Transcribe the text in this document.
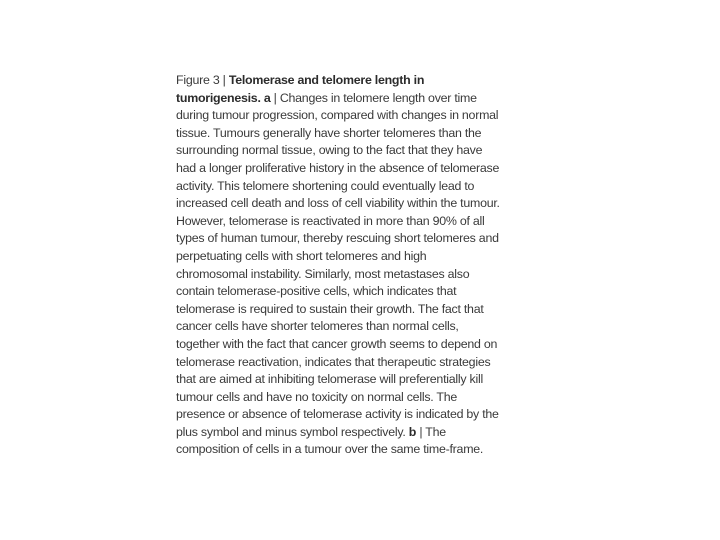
Figure 3 | Telomerase and telomere length in
tumorigenesis. a | Changes in telomere length over time
during tumour progression, compared with changes in normal
tissue. Tumours generally have shorter telomeres than the
surrounding normal tissue, owing to the fact that they have
had a longer proliferative history in the absence of telomerase
activity. This telomere shortening could eventually lead to
increased cell death and loss of cell viability within the tumour.
However, telomerase is reactivated in more than 90% of all
types of human tumour, thereby rescuing short telomeres and
perpetuating cells with short telomeres and high
chromosomal instability. Similarly, most metastases also
contain telomerase-positive cells, which indicates that
telomerase is required to sustain their growth. The fact that
cancer cells have shorter telomeres than normal cells,
together with the fact that cancer growth seems to depend on
telomerase reactivation, indicates that therapeutic strategies
that are aimed at inhibiting telomerase will preferentially kill
tumour cells and have no toxicity on normal cells. The
presence or absence of telomerase activity is indicated by the
plus symbol and minus symbol respectively. b | The
composition of cells in a tumour over the same time-frame.
